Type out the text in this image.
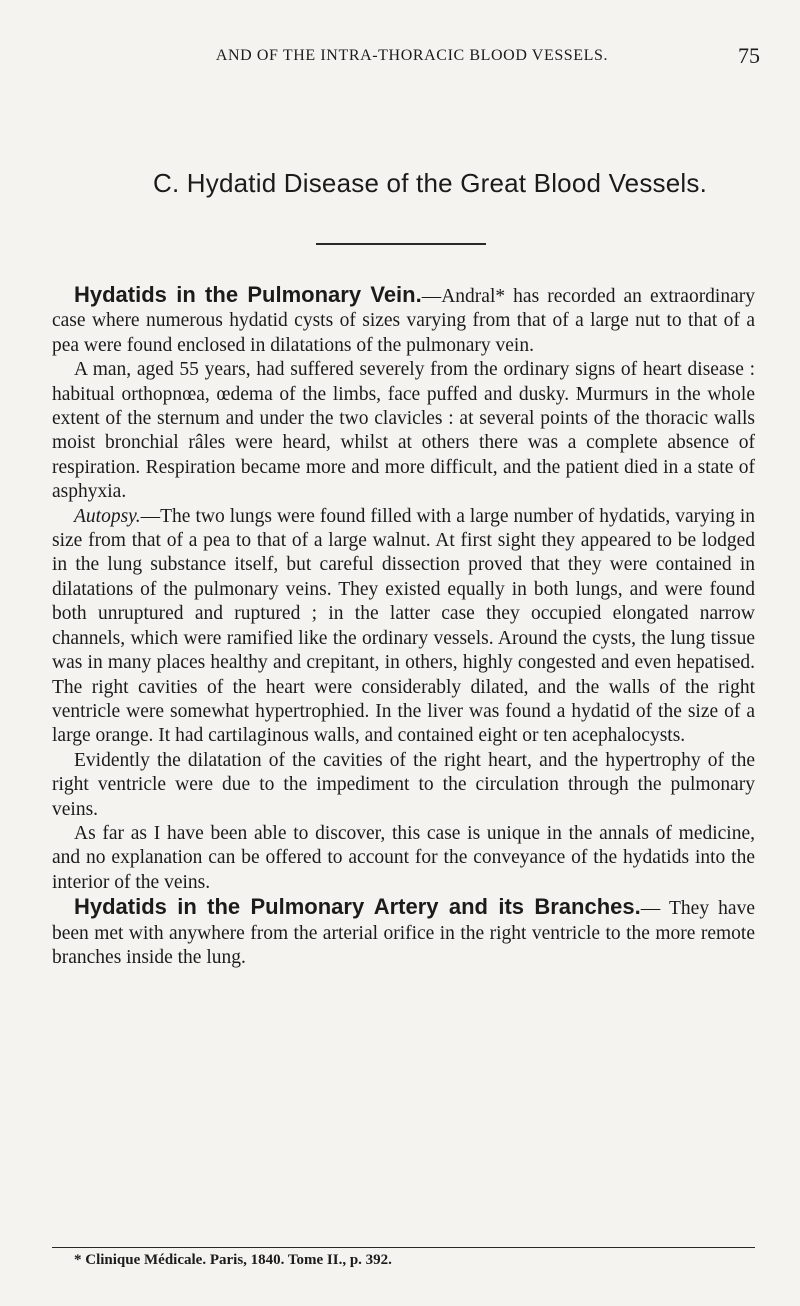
AND OF THE INTRA-THORACIC BLOOD VESSELS.	75
C. Hydatid Disease of the Great Blood Vessels.

Hydatids in the Pulmonary Vein.—Andral* has recorded an extraordinary case where numerous hydatid cysts of sizes varying from that of a large nut to that of a pea were found enclosed in dilatations of the pulmonary vein.

A man, aged 55 years, had suffered severely from the ordinary signs of heart disease : habitual orthopnœa, œdema of the limbs, face puffed and dusky. Murmurs in the whole extent of the sternum and under the two clavicles : at several points of the thoracic walls moist bronchial râles were heard, whilst at others there was a complete absence of respiration. Respiration became more and more difficult, and the patient died in a state of asphyxia.

Autopsy.—The two lungs were found filled with a large number of hydatids, varying in size from that of a pea to that of a large walnut. At first sight they appeared to be lodged in the lung substance itself, but careful dissection proved that they were contained in dilatations of the pulmonary veins. They existed equally in both lungs, and were found both unruptured and ruptured ; in the latter case they occupied elongated narrow channels, which were ramified like the ordinary vessels. Around the cysts, the lung tissue was in many places healthy and crepitant, in others, highly congested and even hepatised. The right cavities of the heart were considerably dilated, and the walls of the right ventricle were somewhat hypertrophied. In the liver was found a hydatid of the size of a large orange. It had cartilaginous walls, and contained eight or ten acephalocysts.

Evidently the dilatation of the cavities of the right heart, and the hypertrophy of the right ventricle were due to the impediment to the circulation through the pulmonary veins.

As far as I have been able to discover, this case is unique in the annals of medicine, and no explanation can be offered to account for the conveyance of the hydatids into the interior of the veins.

Hydatids in the Pulmonary Artery and its Branches.— They have been met with anywhere from the arterial orifice in the right ventricle to the more remote branches inside the lung.

* Clinique Médicale. Paris, 1840. Tome II., p. 392.
